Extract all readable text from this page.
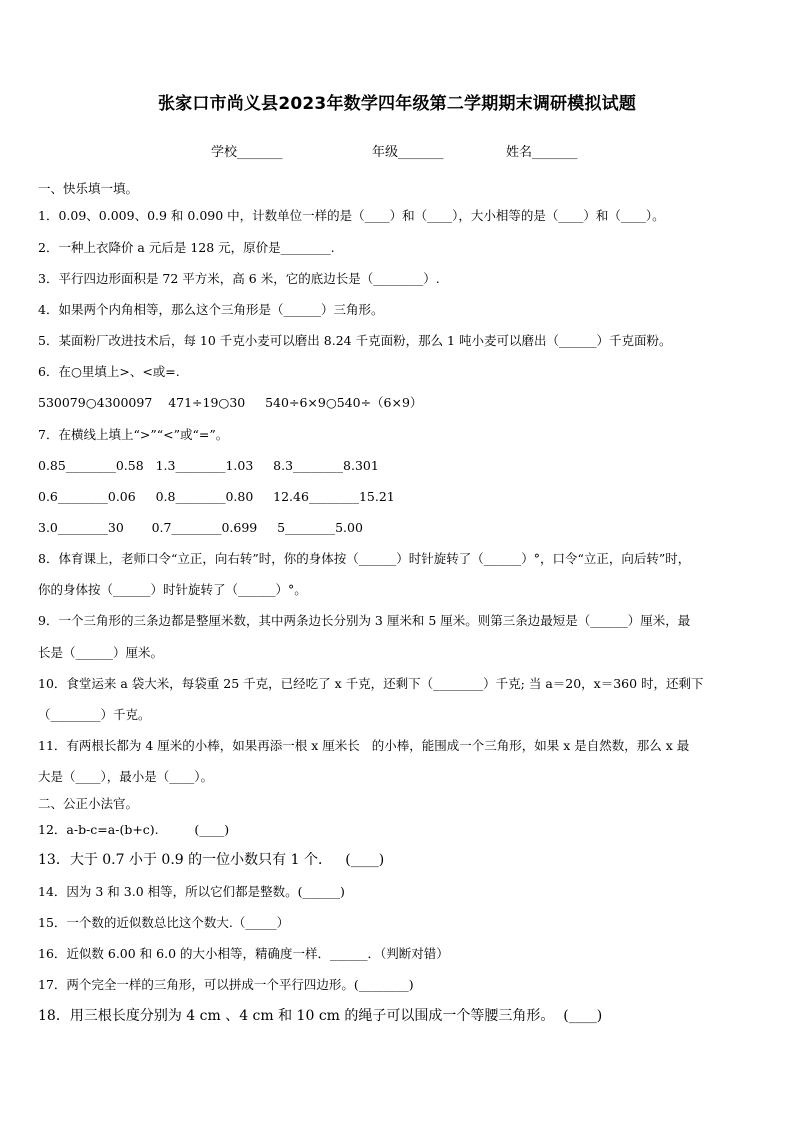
张家口市尚义县2023年数学四年级第二学期期末调研模拟试题
学校_______	年级_______	姓名_______
一、快乐填一填。
1．0.09、0.009、0.9 和 0.090 中，计数单位一样的是（____）和（____），大小相等的是（____）和（____）。
2．一种上衣降价 a 元后是 128 元，原价是________.
3．平行四边形面积是 72 平方米，高 6 米，它的底边长是（________）.
4．如果两个内角相等，那么这个三角形是（______）三角形。
5．某面粉厂改进技术后，每 10 千克小麦可以磨出 8.24 千克面粉，那么 1 吨小麦可以磨出（______）千克面粉。
6．在○里填上>、<或=.
530079○4300097    471÷19○30     540÷6×9○540÷（6×9）
7．在横线上填上“>”“<”或“=”。
0.85________0.58   1.3________1.03     8.3________8.301
0.6________0.06     0.8________0.80     12.46________15.21
3.0________30       0.7________0.699     5________5.00
8．体育课上，老师口令“立正，向右转”时，你的身体按（______）时针旋转了（______）°，口令“立正，向后转”时，
你的身体按（______）时针旋转了（______）°。
9．一个三角形的三条边都是整厘米数，其中两条边长分别为 3 厘米和 5 厘米。则第三条边最短是（______）厘米，最
长是（______）厘米。
10．食堂运来 a 袋大米，每袋重 25 千克，已经吃了 x 千克，还剩下（________）千克; 当 a＝20，x＝360 时，还剩下
（________）千克。
11．有两根长都为 4 厘米的小棒，如果再添一根 x 厘米长   的小棒，能围成一个三角形，如果 x 是自然数，那么 x 最
大是（____），最小是（____）。
二、公正小法官。
12．a-b-c=a-(b+c).         (____)
13．大于 0.7 小于 0.9 的一位小数只有 1 个．   (____)
14．因为 3 和 3.0 相等，所以它们都是整数。(______)
15．一个数的近似数总比这个数大.（_____）
16．近似数 6.00 和 6.0 的大小相等，精确度一样．______．（判断对错）
17．两个完全一样的三角形，可以拼成一个平行四边形。(________)
18．用三根长度分别为 4 cm 、4 cm 和 10 cm 的绳子可以围成一个等腰三角形。  (____)
